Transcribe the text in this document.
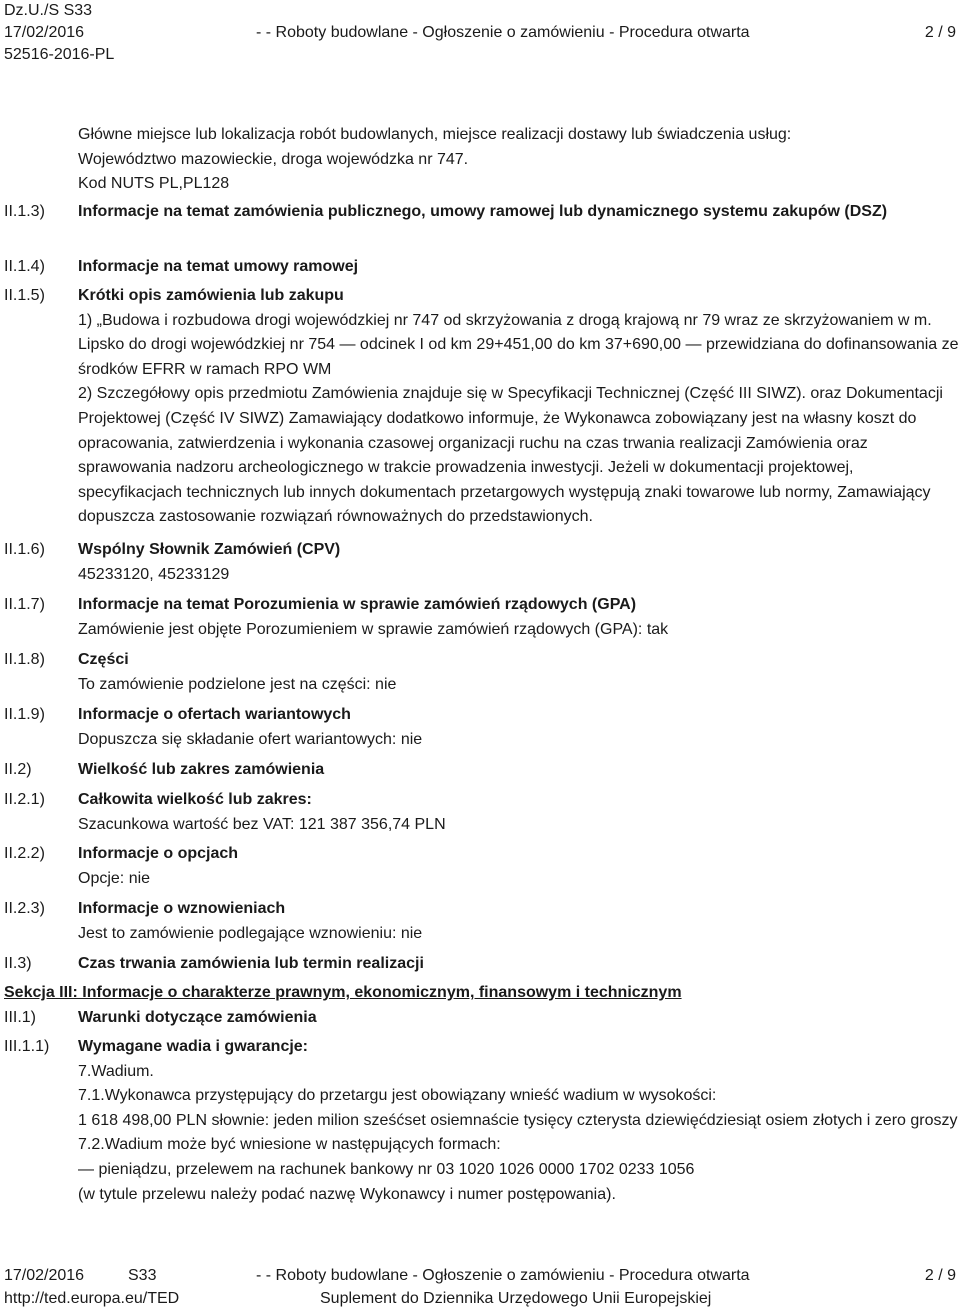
Dz.U./S S33
17/02/2016	- - Roboty budowlane - Ogłoszenie o zamówieniu - Procedura otwarta	2 / 9
52516-2016-PL
Główne miejsce lub lokalizacja robót budowlanych, miejsce realizacji dostawy lub świadczenia usług:
Województwo mazowieckie, droga wojewódzka nr 747.
Kod NUTS PL,PL128
II.1.3) Informacje na temat zamówienia publicznego, umowy ramowej lub dynamicznego systemu zakupów (DSZ)
II.1.4) Informacje na temat umowy ramowej
II.1.5) Krótki opis zamówienia lub zakupu
1) „Budowa i rozbudowa drogi wojewódzkiej nr 747 od skrzyżowania z drogą krajową nr 79 wraz ze skrzyżowaniem w m. Lipsko do drogi wojewódzkiej nr 754 — odcinek I od km 29+451,00 do km 37+690,00 — przewidziana do dofinansowania ze środków EFRR w ramach RPO WM
2) Szczegółowy opis przedmiotu Zamówienia znajduje się w Specyfikacji Technicznej (Część III SIWZ). oraz Dokumentacji Projektowej (Część IV SIWZ) Zamawiający dodatkowo informuje, że Wykonawca zobowiązany jest na własny koszt do opracowania, zatwierdzenia i wykonania czasowej organizacji ruchu na czas trwania realizacji Zamówienia oraz sprawowania nadzoru archeologicznego w trakcie prowadzenia inwestycji. Jeżeli w dokumentacji projektowej, specyfikacjach technicznych lub innych dokumentach przetargowych występują znaki towarowe lub normy, Zamawiający dopuszcza zastosowanie rozwiązań równoważnych do przedstawionych.
II.1.6) Wspólny Słownik Zamówień (CPV)
45233120, 45233129
II.1.7) Informacje na temat Porozumienia w sprawie zamówień rządowych (GPA)
Zamówienie jest objęte Porozumieniem w sprawie zamówień rządowych (GPA): tak
II.1.8) Części
To zamówienie podzielone jest na części: nie
II.1.9) Informacje o ofertach wariantowych
Dopuszcza się składanie ofert wariantowych: nie
II.2)	Wielkość lub zakres zamówienia
II.2.1) Całkowita wielkość lub zakres:
Szacunkowa wartość bez VAT: 121 387 356,74 PLN
II.2.2) Informacje o opcjach
Opcje: nie
II.2.3) Informacje o wznowieniach
Jest to zamówienie podlegające wznowieniu: nie
II.3)	Czas trwania zamówienia lub termin realizacji
Sekcja III: Informacje o charakterze prawnym, ekonomicznym, finansowym i technicznym
III.1)	Warunki dotyczące zamówienia
III.1.1) Wymagane wadia i gwarancje:
7.Wadium.
7.1.Wykonawca przystępujący do przetargu jest obowiązany wnieść wadium w wysokości:
1 618 498,00 PLN słownie: jeden milion sześćset osiemnaście tysięcy czterysta dziewięćdziesiąt osiem złotych i zero groszy
7.2.Wadium może być wniesione w następujących formach:
— pieniądzu, przelewem na rachunek bankowy nr 03 1020 1026 0000 1702 0233 1056
(w tytule przelewu należy podać nazwę Wykonawcy i numer postępowania).
17/02/2016	S33	- - Roboty budowlane - Ogłoszenie o zamówieniu - Procedura otwarta	2 / 9
http://ted.europa.eu/TED	Suplement do Dziennika Urzędowego Unii Europejskiej
